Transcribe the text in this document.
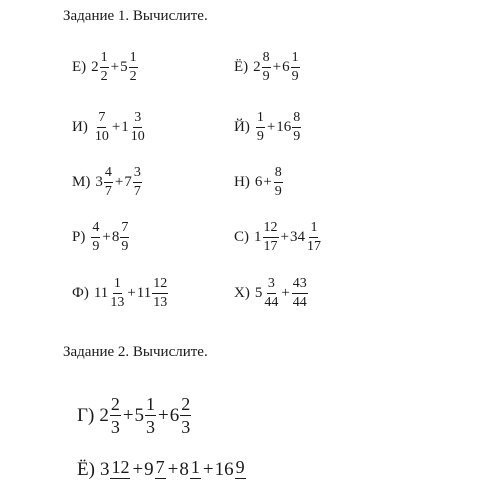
Задание 1. Вычислите.
Е) $2 \frac{1}{2} + 5 \frac{1}{2}$	Ё) $2 \frac{8}{9} + 6 \frac{1}{9}$
$И) \frac{7}{10} + 1 \frac{3}{10}$	$Й) \frac{1}{9} + 16 \frac{8}{9}$
М) $3 \frac{4}{7} + 7 \frac{3}{7}$	Н) $6 + \frac{8}{9}$
$Р) \frac{4}{9} + 8 \frac{7}{9}$	С) $1 \frac{12}{17} + 34 \frac{1}{17}$
Ф) $11 \frac{1}{13} + 11 \frac{12}{13}$	Х) $5 \frac{3}{44} + \frac{43}{44}$
Задание 2. Вычислите.
Г) $2 \frac{2}{3} + 5 \frac{1}{3} + 6 \frac{2}{3}$
Ё) 3 12 + 9 7 + 8 1 + 16 9
